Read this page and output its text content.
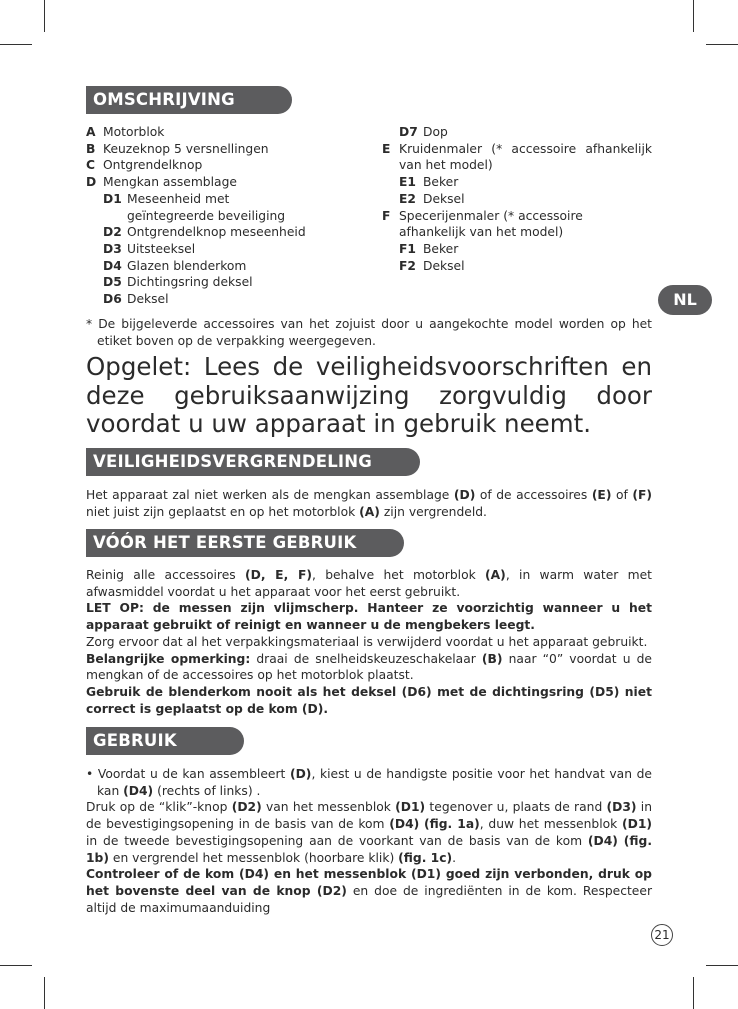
OMSCHRIJVING
A Motorblok
B Keuzeknop 5 versnellingen
C Ontgrendelknop
D Mengkan assemblage
D1 Meseenheid met geïntegreerde beveiliging
D2 Ontgrendelknop meseenheid
D3 Uitsteeksel
D4 Glazen blenderkom
D5 Dichtingsring deksel
D6 Deksel
D7 Dop
E Kruidenmaler (* accessoire afhankelijk van het model)
E1 Beker
E2 Deksel
F Specerijenmaler (* accessoire afhankelijk van het model)
F1 Beker
F2 Deksel
NL
* De bijgeleverde accessoires van het zojuist door u aangekochte model worden op het etiket boven op de verpakking weergegeven.
Opgelet: Lees de veiligheidsvoorschriften en deze gebruiksaanwijzing zorgvuldig door voordat u uw apparaat in gebruik neemt.
VEILIGHEIDSVERGRENDELING
Het apparaat zal niet werken als de mengkan assemblage (D) of de accessoires (E) of (F) niet juist zijn geplaatst en op het motorblok (A) zijn vergrendeld.
VÓÓR HET EERSTE GEBRUIK

Reinig alle accessoires (D, E, F), behalve het motorblok (A), in warm water met afwasmiddel voordat u het apparaat voor het eerst gebruikt.

LET OP: de messen zijn vlijmscherp. Hanteer ze voorzichtig wanneer u het apparaat gebruikt of reinigt en wanneer u de mengbekers leegt.

Zorg ervoor dat al het verpakkingsmateriaal is verwijderd voordat u het apparaat gebruikt.

Belangrijke opmerking: draai de snelheidskeuzeschakelaar (B) naar “0” voordat u de mengkan of de accessoires op het motorblok plaatst.

Gebruik de blenderkom nooit als het deksel (D6) met de dichtingsring (D5) niet correct is geplaatst op de kom (D).

GEBRUIK

• Voordat u de kan assembleert (D), kiest u de handigste positie voor het handvat van de kan (D4) (rechts of links) .

Druk op de “klik”-knop (D2) van het messenblok (D1) tegenover u, plaats de rand (D3) in de bevestigingsopening in de basis van de kom (D4) (fig. 1a), duw het messenblok (D1) in de tweede bevestigingsopening aan de voorkant van de basis van de kom (D4) (fig. 1b) en vergrendel het messenblok (hoorbare klik) (fig. 1c).

Controleer of de kom (D4) en het messenblok (D1) goed zijn verbonden, druk op het bovenste deel van de knop (D2) en doe de ingrediënten in de kom. Respecteer altijd de maximumaanduiding

21
